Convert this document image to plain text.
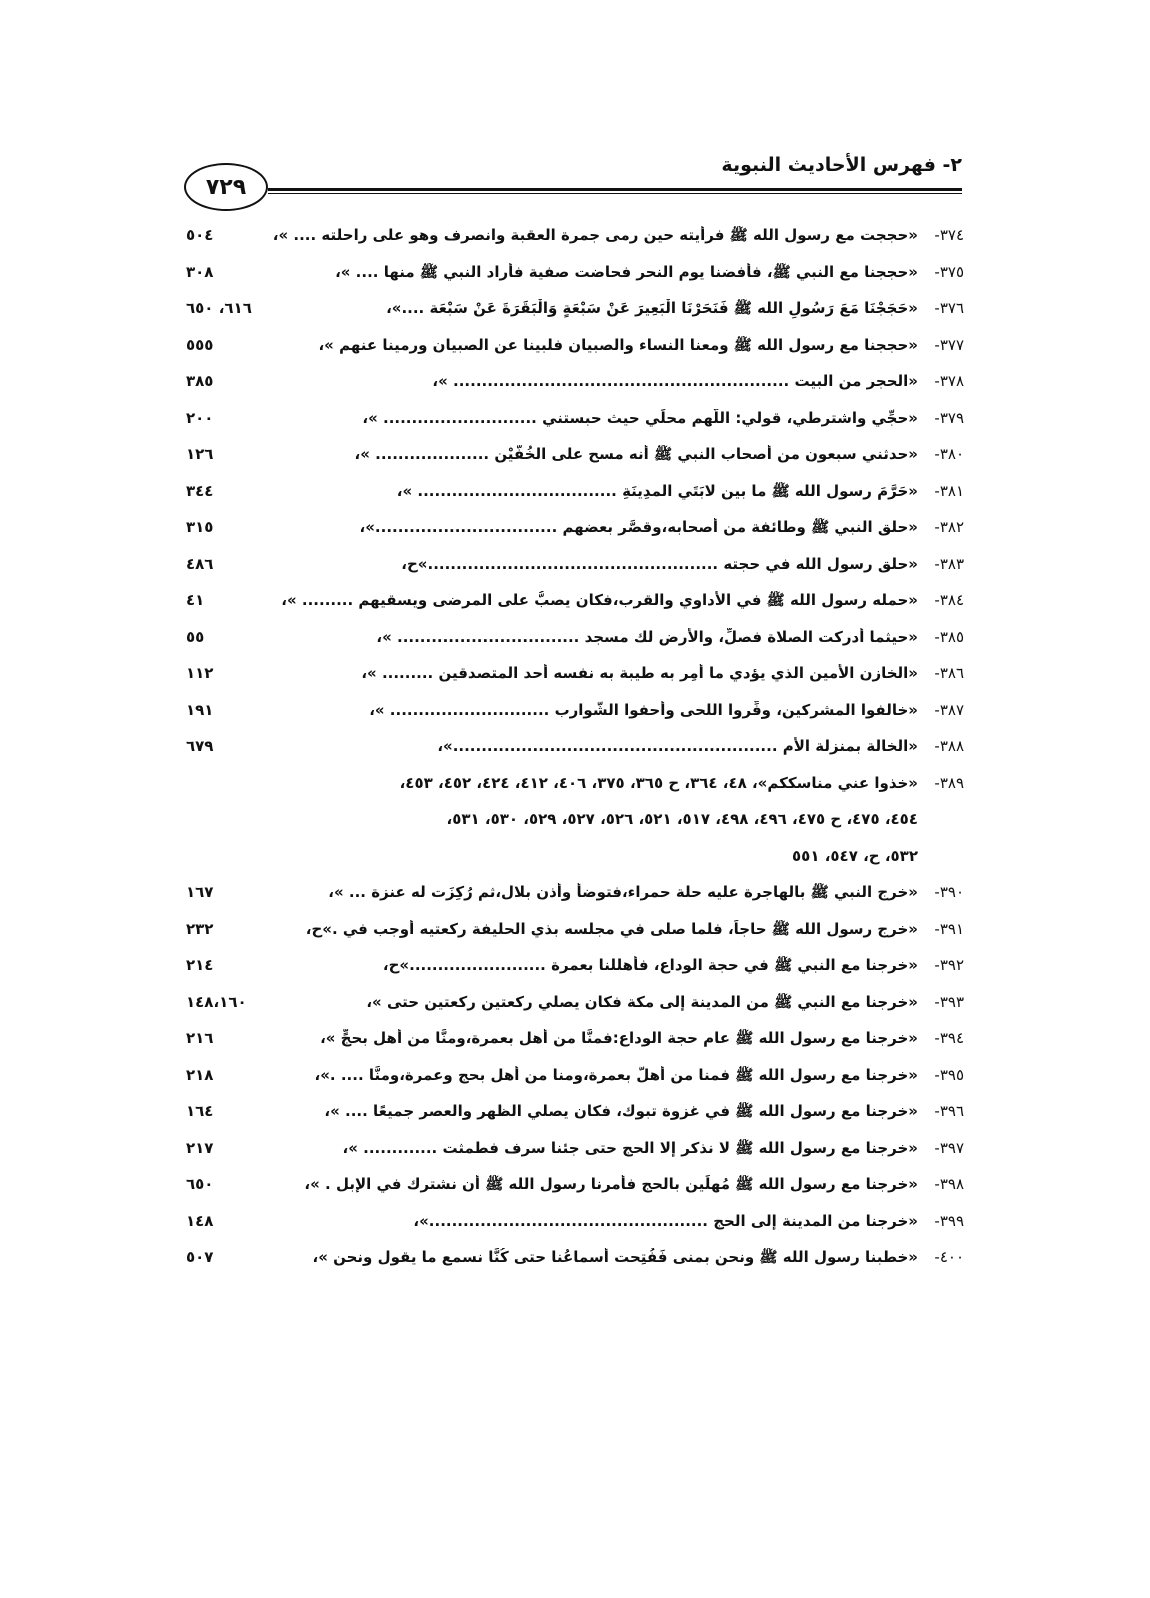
٢- فهرس الأحاديث النبوية
٧٢٩
٣٧٤-
«حججت مع رسول الله ﷺ فرأيته حين رمى جمرة العقبة وانصرف وهو على راحلته .... »،
٥٠٤
٣٧٥-
«حججنا مع النبي ﷺ، فأفضنا يوم النحر فحاضت صفية فأراد النبي ﷺ منها .... »،
٣٠٨
٣٧٦-
«حَجَجْنَا مَعَ رَسُولِ الله ﷺ فَنَحَرْنَا الْبَعِيرَ عَنْ سَبْعَةٍ وَالْبَقَرَةَ عَنْ سَبْعَة ....»،
٦١٦، ٦٥٠
٣٧٧-
«حججنا مع رسول الله ﷺ ومعنا النساء والصبيان فلبينا عن الصبيان ورمينا عنهم »،
٥٥٥
٣٧٨-
«الحجر من البيت ........................................................... »،
٣٨٥
٣٧٩-
«حجِّي واشترطي، قولي: اللَّهم محلِّي حيث حبستني ........................... »،
٢٠٠
٣٨٠-
«حدثني سبعون من أصحاب النبي ﷺ أنه مسح على الخُفَّيْن .................... »،
١٢٦
٣٨١-
«حَرَّمَ رسول الله ﷺ ما بين لابَتَي المدِينَةِ ................................... »،
٣٤٤
٣٨٢-
«حلق النبي ﷺ وطائفة من أصحابه،وقصَّر بعضهم ................................»،
٣١٥
٣٨٣-
«حلق رسول الله في حجته ...................................................»ح،
٤٨٦
٣٨٤-
«حمله رسول الله ﷺ في الأداوي والقرب،فكان يصبُّ على المرضى ويسقيهم ......... »،
٤١
٣٨٥-
«حيثما أدركت الصلاة فصلِّ، والأرض لك مسجد ................................ »،
٥٥
٣٨٦-
«الخازن الأمين الذي يؤدي ما أُمِر به طيبة به نفسه أحد المتصدقين ......... »،
١١٢
٣٨٧-
«خالفوا المشركين، وفِّروا اللحى وأحفوا الشَّوارب ............................ »،
١٩١
٣٨٨-
«الخالة بمنزلة الأم .........................................................»،
٦٧٩
٣٨٩-
«خذوا عني مناسككم»، ٤٨، ٣٦٤، ح ٣٦٥، ٣٧٥، ٤٠٦، ٤١٢، ٤٢٤، ٤٥٢، ٤٥٣،
٤٥٤، ٤٧٥، ح ٤٧٥، ٤٩٦، ٤٩٨، ٥١٧، ٥٢١، ٥٢٦، ٥٢٧، ٥٢٩، ٥٣٠، ٥٣١،
٥٣٢، ح، ٥٤٧، ٥٥١
٣٩٠-
«خرج النبي ﷺ بالهاجرة عليه حلة حمراء،فتوضأ وأذن بلال،ثم رُكِزَت له عنزة ... »،
١٦٧
٣٩١-
«خرج رسول الله ﷺ حاجاً، فلما صلى في مجلسه بذي الحليفة ركعتيه أوجب في .»ح،
٢٣٢
٣٩٢-
«خرجنا مع النبي ﷺ في حجة الوداع، فأهللنا بعمرة ........................»ح،
٢١٤
٣٩٣-
«خرجنا مع النبي ﷺ من المدينة إلى مكة فكان يصلي ركعتين ركعتين حتى »،
١٤٨،١٦٠
٣٩٤-
«خرجنا مع رسول الله ﷺ عام حجة الوداع:فمنَّا من أهل بعمرة،ومنَّا من أهل بحجٍّ »،
٢١٦
٣٩٥-
«خرجنا مع رسول الله ﷺ فمنا من أهلَّ بعمرة،ومنا من أهل بحج وعمرة،ومنَّا .... .»،
٢١٨
٣٩٦-
«خرجنا مع رسول الله ﷺ في غزوة تبوك، فكان يصلي الظهر والعصر جميعًا .... »،
١٦٤
٣٩٧-
«خرجنا مع رسول الله ﷺ لا نذكر إلا الحج حتى جئنا سرف فطمثت ............. »،
٢١٧
٣٩٨-
«خرجنا مع رسول الله ﷺ مُهلِّين بالحج فأمرنا رسول الله ﷺ أن نشترك في الإبل . »،
٦٥٠
٣٩٩-
«خرجنا من المدينة إلى الحج .................................................»،
١٤٨
٤٠٠-
«خطبنا رسول الله ﷺ ونحن بمنى فَفُتِحت أسماعُنا حتى كُنَّا نسمع ما يقول ونحن »،
٥٠٧
